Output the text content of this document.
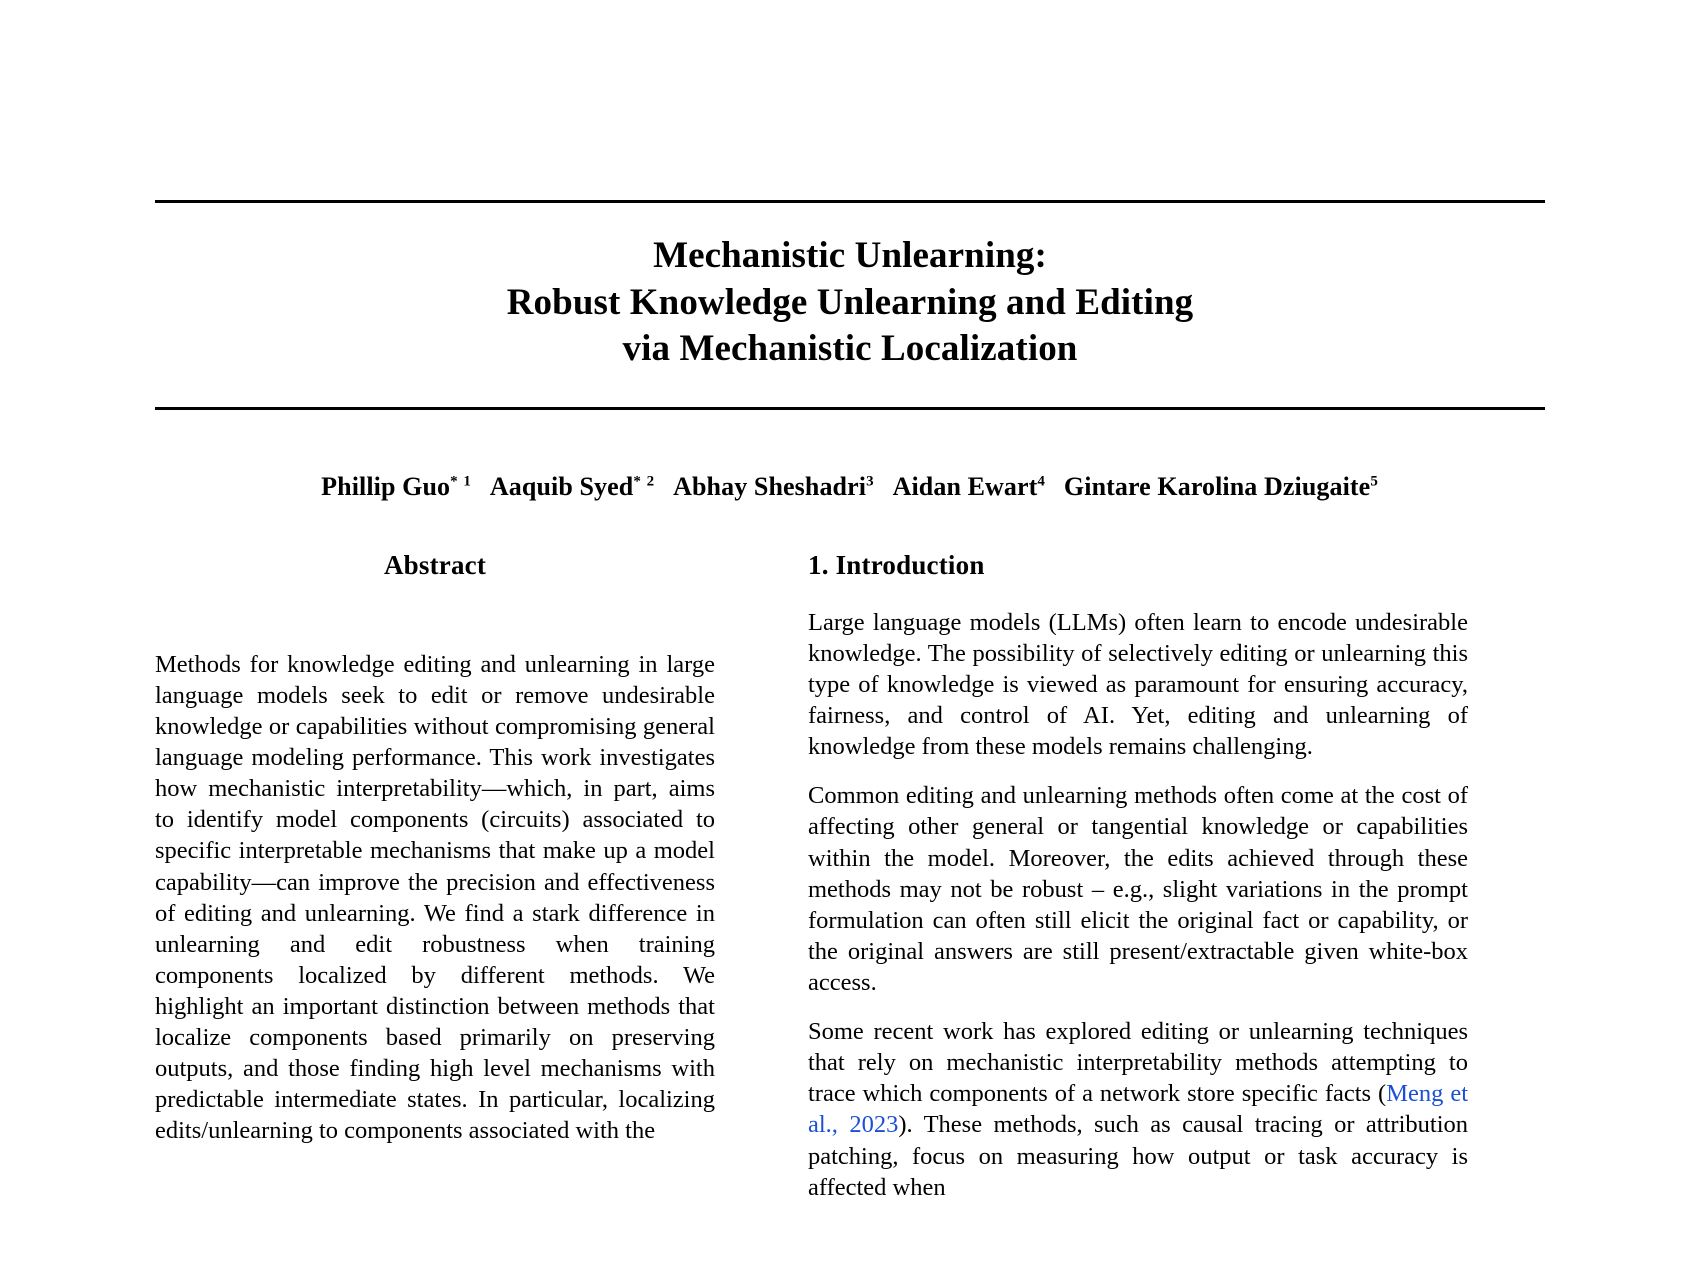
Mechanistic Unlearning:
Robust Knowledge Unlearning and Editing
via Mechanistic Localization
Phillip Guo$^{* 1}$ Aaquib Syed$^{* 2}$ Abhay Sheshadri$^3$ Aidan Ewart$^4$ Gintare Karolina Dziugaite$^5$
Abstract

Methods for knowledge editing and unlearning in large language models seek to edit or remove undesirable knowledge or capabilities without compromising general language modeling performance. This work investigates how mechanistic interpretability—which, in part, aims to identify model components (circuits) associated to specific interpretable mechanisms that make up a model capability—can improve the precision and effectiveness of editing and unlearning. We find a stark difference in unlearning and edit robustness when training components localized by different methods. We highlight an important distinction between methods that localize components based primarily on preserving outputs, and those finding high level mechanisms with predictable intermediate states. In particular, localizing edits/unlearning to components associated with the

1. Introduction

Large language models (LLMs) often learn to encode undesirable knowledge. The possibility of selectively editing or unlearning this type of knowledge is viewed as paramount for ensuring accuracy, fairness, and control of AI. Yet, editing and unlearning of knowledge from these models remains challenging.

Common editing and unlearning methods often come at the cost of affecting other general or tangential knowledge or capabilities within the model. Moreover, the edits achieved through these methods may not be robust – e.g., slight variations in the prompt formulation can often still elicit the original fact or capability, or the original answers are still present/extractable given white-box access.

Some recent work has explored editing or unlearning techniques that rely on mechanistic interpretability methods attempting to trace which components of a network store specific facts (Meng et al., 2023). These methods, such as causal tracing or attribution patching, focus on measuring how output or task accuracy is affected when
